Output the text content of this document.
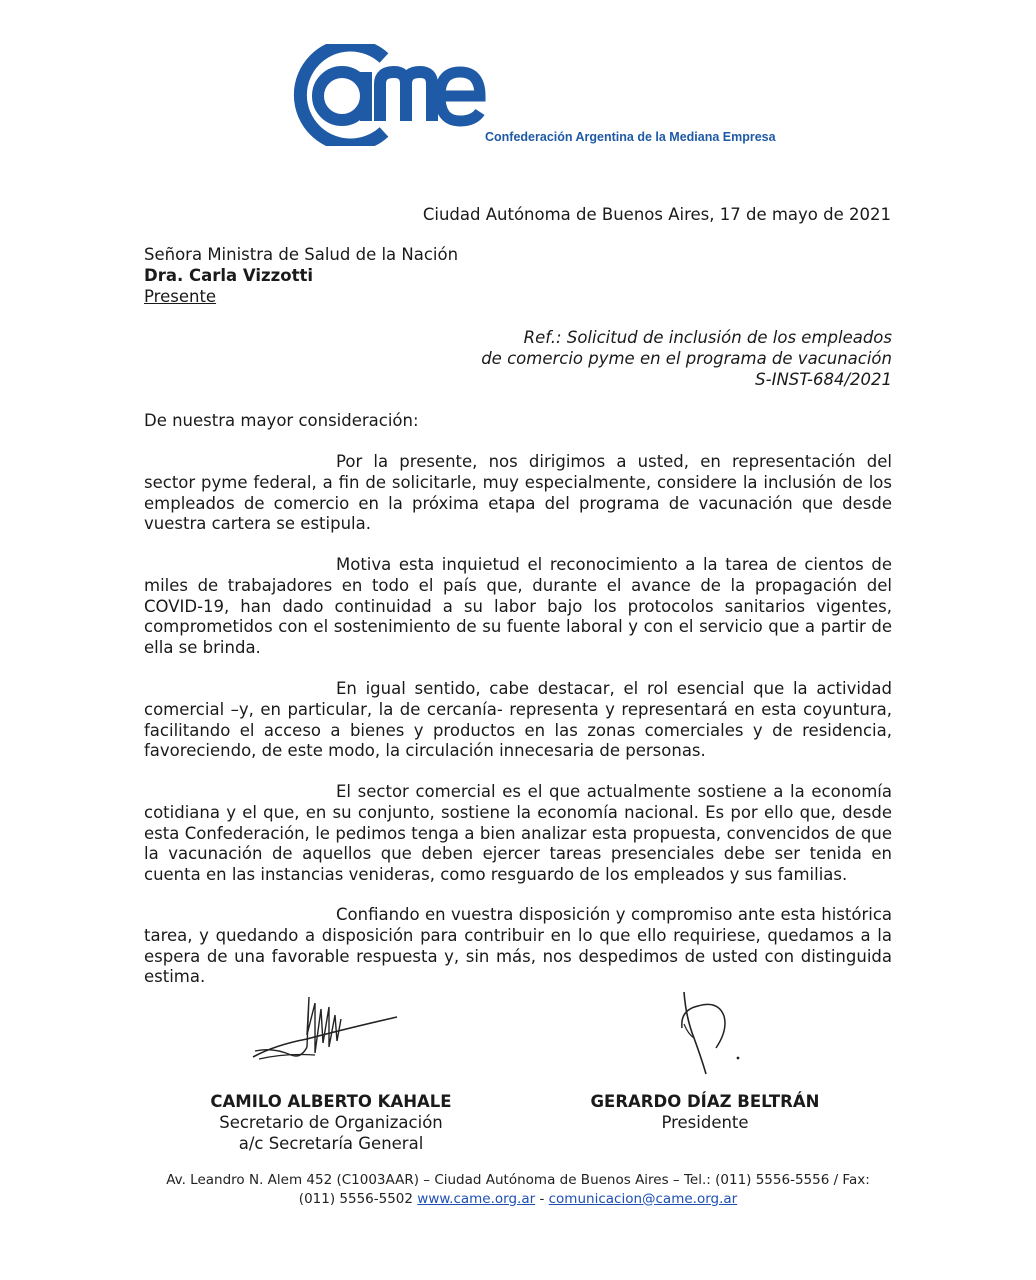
Confederación Argentina de la Mediana Empresa
Ciudad Autónoma de Buenos Aires, 17 de mayo de 2021
Señora Ministra de Salud de la Nación
Dra. Carla Vizzotti
Presente
Ref.: Solicitud de inclusión de los empleados
de comercio pyme en el programa de vacunación
S-INST-684/2021
De nuestra mayor consideración:
Por la presente, nos dirigimos a usted, en representación del sector pyme federal, a fin de solicitarle, muy especialmente, considere la inclusión de los empleados de comercio en la próxima etapa del programa de vacunación que desde vuestra cartera se estipula.
Motiva esta inquietud el reconocimiento a la tarea de cientos de miles de trabajadores en todo el país que, durante el avance de la propagación del COVID-19, han dado continuidad a su labor bajo los protocolos sanitarios vigentes, comprometidos con el sostenimiento de su fuente laboral y con el servicio que a partir de ella se brinda.
En igual sentido, cabe destacar, el rol esencial que la actividad comercial –y, en particular, la de cercanía- representa y representará en esta coyuntura, facilitando el acceso a bienes y productos en las zonas comerciales y de residencia, favoreciendo, de este modo, la circulación innecesaria de personas.
El sector comercial es el que actualmente sostiene a la economía cotidiana y el que, en su conjunto, sostiene la economía nacional. Es por ello que, desde esta Confederación, le pedimos tenga a bien analizar esta propuesta, convencidos de que la vacunación de aquellos que deben ejercer tareas presenciales debe ser tenida en cuenta en las instancias venideras, como resguardo de los empleados y sus familias.
Confiando en vuestra disposición y compromiso ante esta histórica tarea, y quedando a disposición para contribuir en lo que ello requiriese, quedamos a la espera de una favorable respuesta y, sin más, nos despedimos de usted con distinguida estima.
CAMILO ALBERTO KAHALE
Secretario de Organización
a/c Secretaría General
GERARDO DÍAZ BELTRÁN
Presidente
Av. Leandro N. Alem 452 (C1003AAR) – Ciudad Autónoma de Buenos Aires – Tel.: (011) 5556-5556 / Fax:
(011) 5556-5502 www.came.org.ar - comunicacion@came.org.ar
